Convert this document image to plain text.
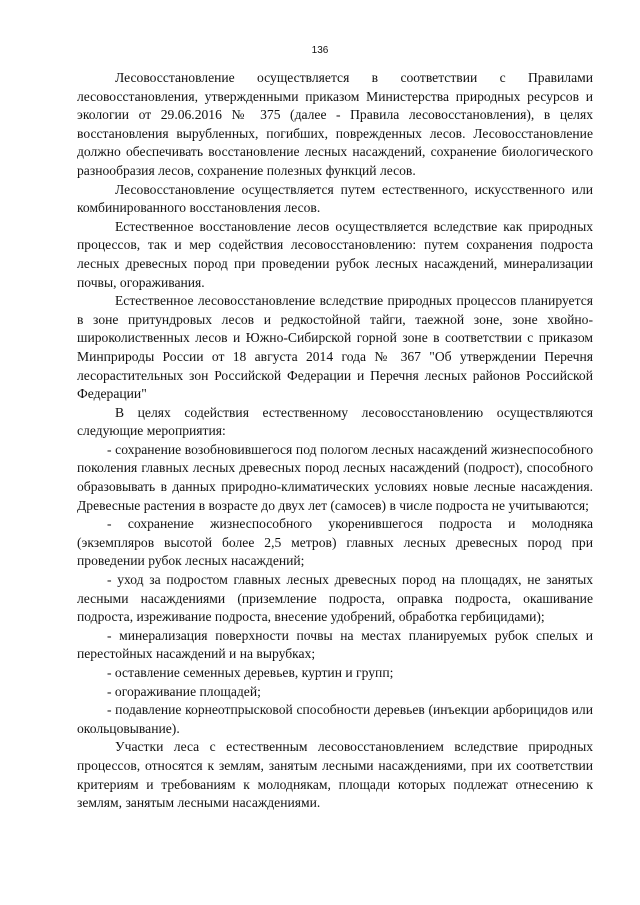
136

Лесовосстановление осуществляется в соответствии с Правилами лесовосстановления, утвержденными приказом Министерства природных ресурсов и экологии от 29.06.2016 № 375 (далее - Правила лесовосстановления), в целях восстановления вырубленных, погибших, поврежденных лесов. Лесовосстановление должно обеспечивать восстановление лесных насаждений, сохранение биологического разнообразия лесов, сохранение полезных функций лесов.

Лесовосстановление осуществляется путем естественного, искусственного или комбинированного восстановления лесов.

Естественное восстановление лесов осуществляется вследствие как природных процессов, так и мер содействия лесовосстановлению: путем сохранения подроста лесных древесных пород при проведении рубок лесных насаждений, минерализации почвы, огораживания.

Естественное лесовосстановление вследствие природных процессов планируется в зоне притундровых лесов и редкостойной тайги, таежной зоне, зоне хвойно-широколиственных лесов и Южно-Сибирской горной зоне в соответствии с приказом Минприроды России от 18 августа 2014 года № 367 "Об утверждении Перечня лесорастительных зон Российской Федерации и Перечня лесных районов Российской Федерации"

В целях содействия естественному лесовосстановлению осуществляются следующие мероприятия:

- сохранение возобновившегося под пологом лесных насаждений жизнеспособного поколения главных лесных древесных пород лесных насаждений (подрост), способного образовывать в данных природно-климатических условиях новые лесные насаждения. Древесные растения в возрасте до двух лет (самосев) в числе подроста не учитываются;

- сохранение жизнеспособного укоренившегося подроста и молодняка (экземпляров высотой более 2,5 метров) главных лесных древесных пород при проведении рубок лесных насаждений;

- уход за подростом главных лесных древесных пород на площадях, не занятых лесными насаждениями (приземление подроста, оправка подроста, окашивание подроста, изреживание подроста, внесение удобрений, обработка гербицидами);

- минерализация поверхности почвы на местах планируемых рубок спелых и перестойных насаждений и на вырубках;

- оставление семенных деревьев, куртин и групп;

- огораживание площадей;

- подавление корнеотпрысковой способности деревьев (инъекции арборицидов или окольцовывание).

Участки леса с естественным лесовосстановлением вследствие природных процессов, относятся к землям, занятым лесными насаждениями, при их соответствии критериям и требованиям к молоднякам, площади которых подлежат отнесению к землям, занятым лесными насаждениями.
